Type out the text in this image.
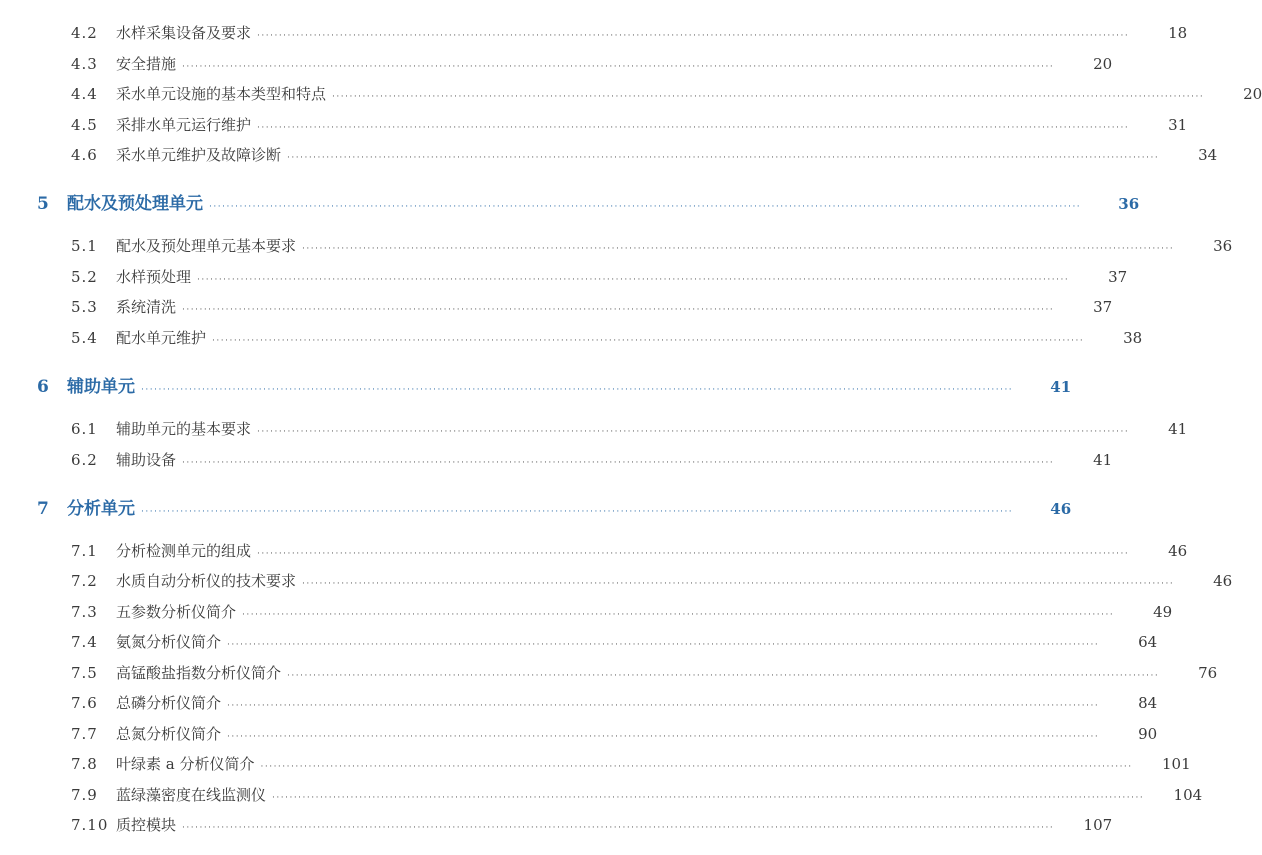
4.2	水样采集设备及要求 ········································································································································································································	18
4.3	安全措施 ········································································································································································································	20
4.4	采水单元设施的基本类型和特点 ········································································································································································································	20
4.5	采排水单元运行维护 ········································································································································································································	31
4.6	采水单元维护及故障诊断 ········································································································································································································	34
5	配水及预处理单元 ········································································································································································································	36
5.1	配水及预处理单元基本要求 ········································································································································································································	36
5.2	水样预处理 ········································································································································································································	37
5.3	系统清洗 ········································································································································································································	37
5.4	配水单元维护 ········································································································································································································	38
6	辅助单元 ········································································································································································································	41
6.1	辅助单元的基本要求 ········································································································································································································	41
6.2	辅助设备 ········································································································································································································	41
7	分析单元 ········································································································································································································	46
7.1	分析检测单元的组成 ········································································································································································································	46
7.2	水质自动分析仪的技术要求 ········································································································································································································	46
7.3	五参数分析仪简介 ········································································································································································································	49
7.4	氨氮分析仪简介 ········································································································································································································	64
7.5	高锰酸盐指数分析仪简介 ········································································································································································································	76
7.6	总磷分析仪简介 ········································································································································································································	84
7.7	总氮分析仪简介 ········································································································································································································	90
7.8	叶绿素 a 分析仪简介 ········································································································································································································	101
7.9	蓝绿藻密度在线监测仪 ········································································································································································································	104
7.10 质控模块 ········································································································································································································	107
